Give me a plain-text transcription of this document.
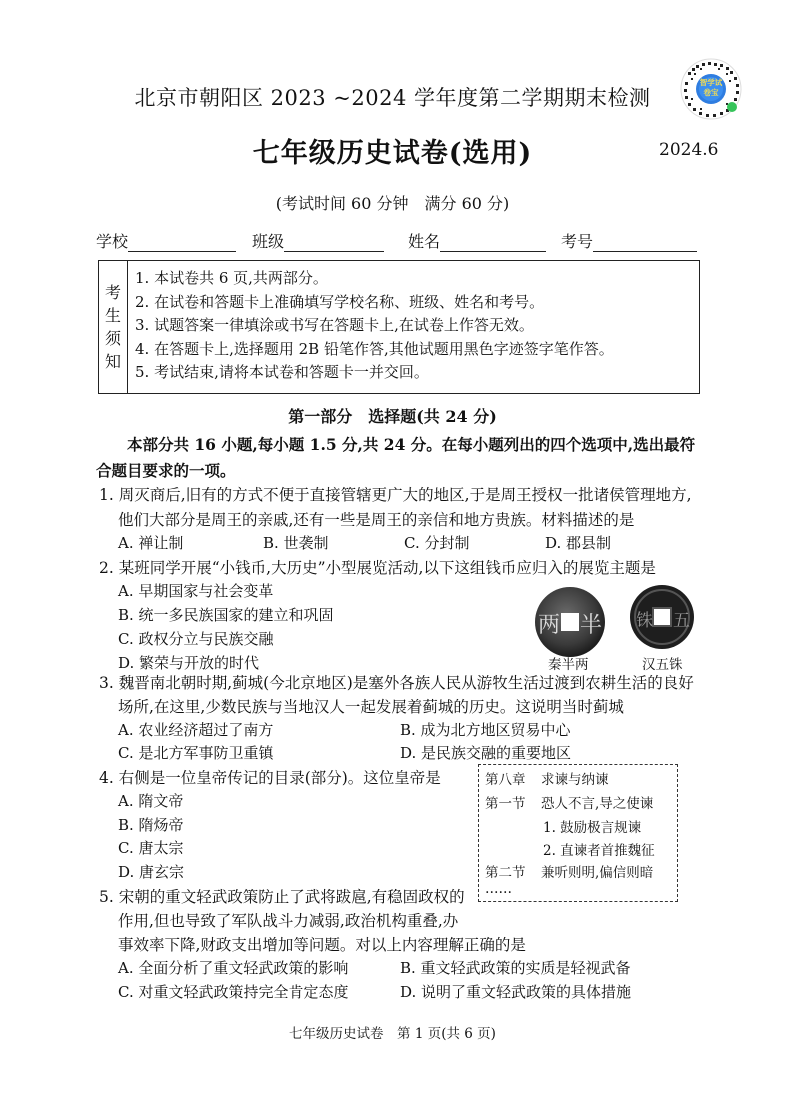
智学试卷宝
北京市朝阳区 2023 ~2024 学年度第二学期期末检测
七年级历史试卷(选用)	2024.6
(考试时间 60 分钟　满分 60 分)
学校	班级	姓名	考号
考
生
须
知
1. 本试卷共 6 页,共两部分。
2. 在试卷和答题卡上准确填写学校名称、班级、姓名和考号。
3. 试题答案一律填涂或书写在答题卡上,在试卷上作答无效。
4. 在答题卡上,选择题用 2B 铅笔作答,其他试题用黑色字迹签字笔作答。
5. 考试结束,请将本试卷和答题卡一并交回。
第一部分　选择题(共 24 分)
本部分共 16 小题,每小题 1.5 分,共 24 分。在每小题列出的四个选项中,选出最符合题目要求的一项。
1. 周灭商后,旧有的方式不便于直接管辖更广大的地区,于是周王授权一批诸侯管理地方,
他们大部分是周王的亲戚,还有一些是周王的亲信和地方贵族。材料描述的是
A. 禅让制	B. 世袭制	C. 分封制	D. 郡县制
2. 某班同学开展“小钱币,大历史”小型展览活动,以下这组钱币应归入的展览主题是
A. 早期国家与社会变革
B. 统一多民族国家的建立和巩固
C. 政权分立与民族交融
D. 繁荣与开放的时代
两 半 铢 五
秦半两	汉五铢
3. 魏晋南北朝时期,蓟城(今北京地区)是塞外各族人民从游牧生活过渡到农耕生活的良好
场所,在这里,少数民族与当地汉人一起发展着蓟城的历史。这说明当时蓟城
A. 农业经济超过了南方	B. 成为北方地区贸易中心
C. 是北方军事防卫重镇	D. 是民族交融的重要地区
4. 右侧是一位皇帝传记的目录(部分)。这位皇帝是
A. 隋文帝
B. 隋炀帝
C. 唐太宗
D. 唐玄宗
第八章 求谏与纳谏
第一节 恐人不言,导之使谏
1. 鼓励极言规谏
2. 直谏者首推魏征
第二节 兼听则明,偏信则暗
……
5. 宋朝的重文轻武政策防止了武将跋扈,有稳固政权的
作用,但也导致了军队战斗力减弱,政治机构重叠,办
事效率下降,财政支出增加等问题。对以上内容理解正确的是
A. 全面分析了重文轻武政策的影响	B. 重文轻武政策的实质是轻视武备
C. 对重文轻武政策持完全肯定态度	D. 说明了重文轻武政策的具体措施
七年级历史试卷　第 1 页(共 6 页)
